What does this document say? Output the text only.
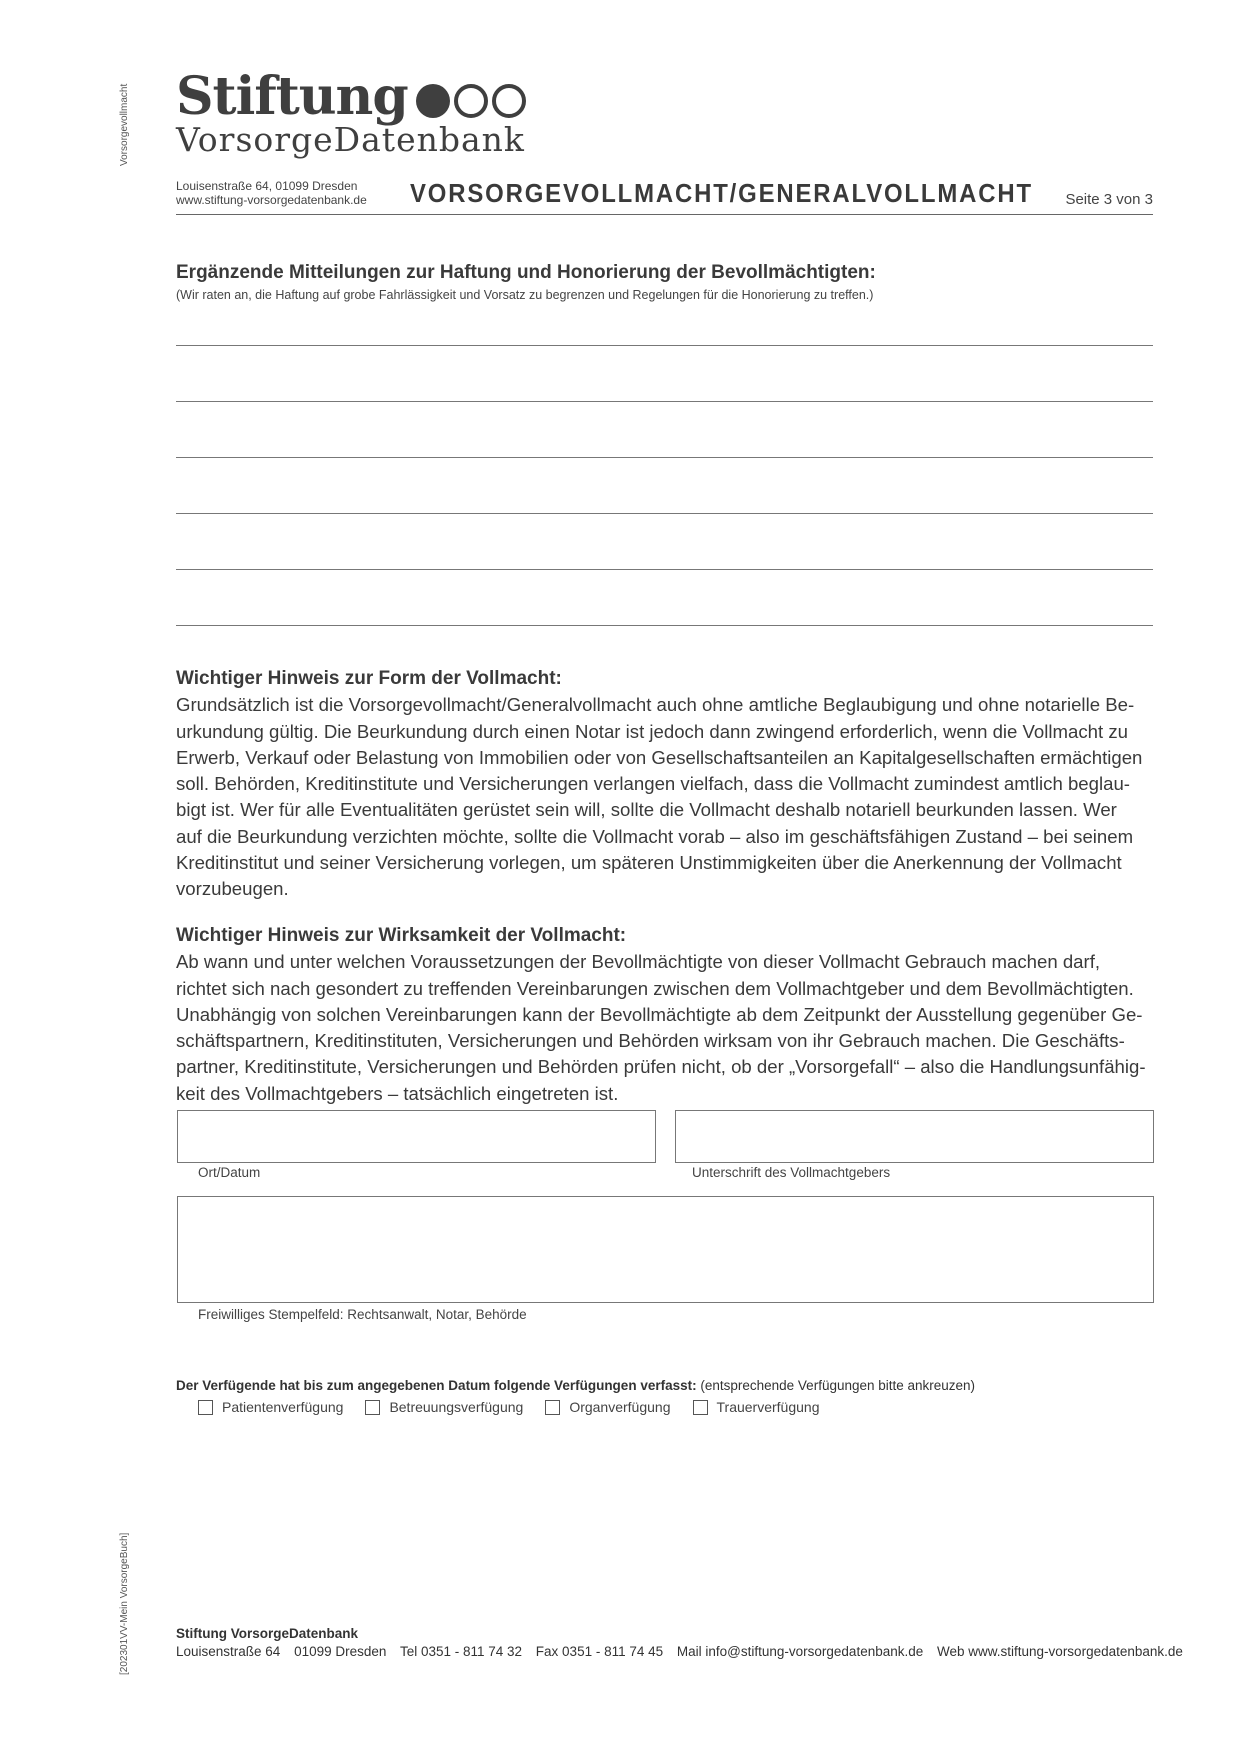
Vorsorgevollmacht
[202301VV-Mein VorsorgeBuch]
Stiftung
VorsorgeDatenbank
Louisenstraße 64, 01099 Dresden
www.stiftung-vorsorgedatenbank.de VORSORGEVOLLMACHT/GENERALVOLLMACHT Seite 3 von 3
Ergänzende Mitteilungen zur Haftung und Honorierung der Bevollmächtigten:
(Wir raten an, die Haftung auf grobe Fahrlässigkeit und Vorsatz zu begrenzen und Regelungen für die Honorierung zu treffen.)
Wichtiger Hinweis zur Form der Vollmacht:
Grundsätzlich ist die Vorsorgevollmacht/Generalvollmacht auch ohne amtliche Beglaubigung und ohne notarielle Be-
urkundung gültig. Die Beurkundung durch einen Notar ist jedoch dann zwingend erforderlich, wenn die Vollmacht zu
Erwerb, Verkauf oder Belastung von Immobilien oder von Gesellschaftsanteilen an Kapitalgesellschaften ermächtigen
soll. Behörden, Kreditinstitute und Versicherungen verlangen vielfach, dass die Vollmacht zumindest amtlich beglau-
bigt ist. Wer für alle Eventualitäten gerüstet sein will, sollte die Vollmacht deshalb notariell beurkunden lassen. Wer
auf die Beurkundung verzichten möchte, sollte die Vollmacht vorab – also im geschäftsfähigen Zustand – bei seinem
Kreditinstitut und seiner Versicherung vorlegen, um späteren Unstimmigkeiten über die Anerkennung der Vollmacht
vorzubeugen.
Wichtiger Hinweis zur Wirksamkeit der Vollmacht:
Ab wann und unter welchen Voraussetzungen der Bevollmächtigte von dieser Vollmacht Gebrauch machen darf,
richtet sich nach gesondert zu treffenden Vereinbarungen zwischen dem Vollmachtgeber und dem Bevollmächtigten.
Unabhängig von solchen Vereinbarungen kann der Bevollmächtigte ab dem Zeitpunkt der Ausstellung gegenüber Ge-
schäftspartnern, Kreditinstituten, Versicherungen und Behörden wirksam von ihr Gebrauch machen. Die Geschäfts-
partner, Kreditinstitute, Versicherungen und Behörden prüfen nicht, ob der „Vorsorgefall“ – also die Handlungsunfähig-
keit des Vollmachtgebers – tatsächlich eingetreten ist.
Ort/Datum	Unterschrift des Vollmachtgebers
Freiwilliges Stempelfeld: Rechtsanwalt, Notar, Behörde
Der Verfügende hat bis zum angegebenen Datum folgende Verfügungen verfasst: (entsprechende Verfügungen bitte ankreuzen)
Patientenverfügung	Betreuungsverfügung	Organverfügung	Trauerverfügung
Stiftung VorsorgeDatenbank
Louisenstraße 64 01099 Dresden Tel 0351 - 811 74 32 Fax 0351 - 811 74 45 Mail info@stiftung-vorsorgedatenbank.de Web www.stiftung-vorsorgedatenbank.de
